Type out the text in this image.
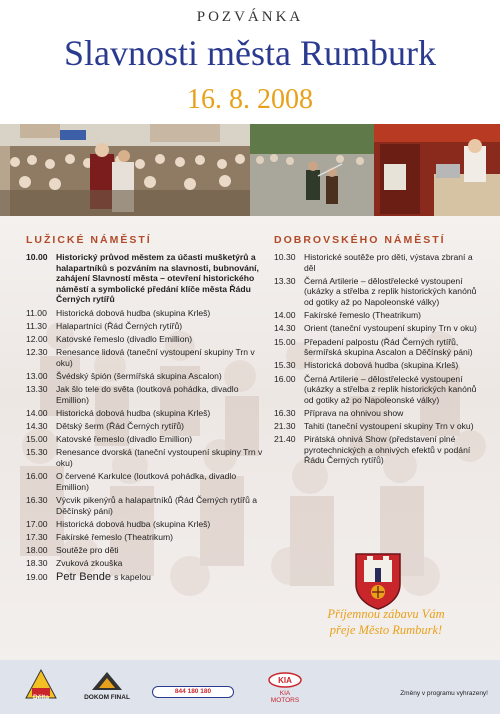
POZVÁNKA
Slavnosti města Rumburk
16. 8. 2008
LUŽICKÉ NÁMĚSTÍ
10.00 Historický průvod městem za účasti mušketýrů a halapartníků s pozváním na slavnosti, bubnování, zahájení Slavností města – otevření historického náměstí a symbolické předání klíče města Řádu Černých rytířů
11.00	Historická dobová hudba (skupina Krleš)
11.30	Halapartníci (Řád Černých rytířů)
12.00 Katovské řemeslo (divadlo Emillion)
12.30 Renesance lidová (taneční vystoupení skupiny Trn v oku)
13.00 Švédský špión (šermířská skupina Ascalon)
13.30 Jak šlo tele do světa (loutková pohádka, divadlo Emillion)
14.00 Historická dobová hudba (skupina Krleš)
14.30 Dětský šerm (Řád Černých rytířů)
15.00 Katovské řemeslo (divadlo Emillion)
15.30 Renesance dvorská (taneční vystoupení skupiny Trn v oku)
16.00 O červené Karkulce (loutková pohádka, divadlo Emillion)
16.30 Výcvik pikenýrů a halapartníků (Řád Černých rytířů a Děčínský páni)
17.00 Historická dobová hudba (skupina Krleš)
17.30 Fakírské řemeslo (Theatrikum)
18.00 Soutěže pro děti
18.30 Zvuková zkouška
19.00 Petr Bende s kapelou
DOBROVSKÉHO NÁMĚSTÍ
10.30 Historické soutěže pro děti, výstava zbraní a děl
13.30 Černá Artilerie – dělostřelecké vystoupení (ukázky a střelba z replik historických kanónů od gotiky až po Napoleonské války)
14.00 Fakírské řemeslo (Theatrikum)
14.30 Orient (taneční vystoupení skupiny Trn v oku)
15.00 Přepadení palpostu (Řád Černých rytířů, šermířská skupina Ascalon a Děčínský páni)
15.30 Historická dobová hudba (skupina Krleš)
16.00 Černá Artilerie – dělostřelecké vystoupení (ukázky a střelba z replik historických kanónů od gotiky až po Napoleonské války)
16.30 Příprava na ohnivou show
21.30 Tahiti (taneční vystoupení skupiny Trn v oku)
21.40 Pirátská ohnivá Show (představení plné pyrotechnických a ohnivých efektů v podání Řádu Černých rytířů)
Příjemnou zábavu Vám
přeje Město Rumburk!
Dělta	DOKOM FINAL
844 180 180
KIA
KIA MOTORS
Změny v programu vyhrazeny!
